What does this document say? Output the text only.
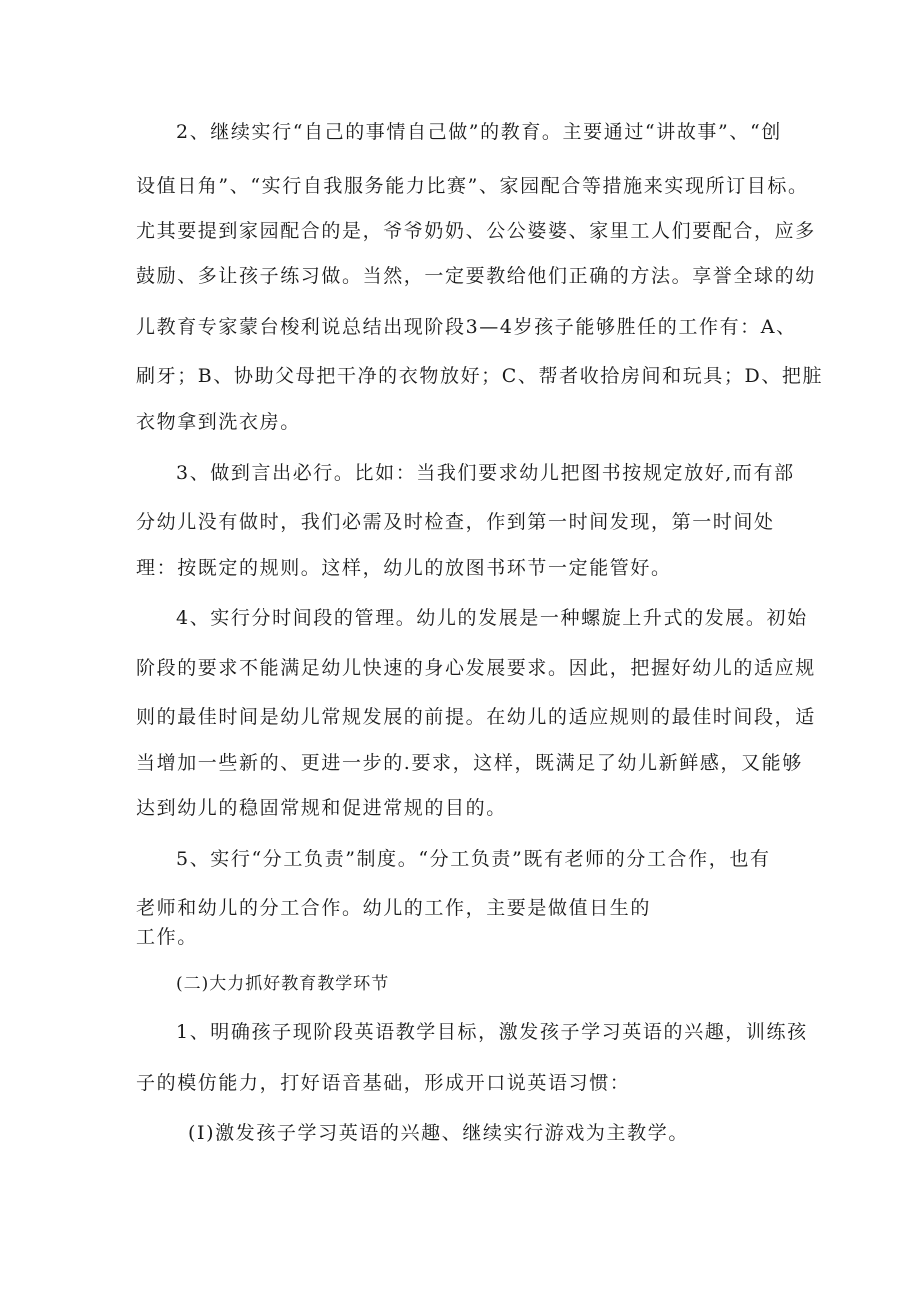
2、继续实行“自己的事情自己做”的教育。主要通过“讲故事”、“创
设值日角”、“实行自我服务能力比赛”、家园配合等措施来实现所订目标。
尤其要提到家园配合的是，爷爷奶奶、公公婆婆、家里工人们要配合，应多
鼓励、多让孩子练习做。当然，一定要教给他们正确的方法。享誉全球的幼
儿教育专家蒙台梭利说总结出现阶段3—4岁孩子能够胜任的工作有：A、
刷牙；B、协助父母把干净的衣物放好；C、帮者收拾房间和玩具；D、把脏
衣物拿到洗衣房。
3、做到言出必行。比如：当我们要求幼儿把图书按规定放好,而有部
分幼儿没有做时，我们必需及时检查，作到第一时间发现，第一时间处
理：按既定的规则。这样，幼儿的放图书环节一定能管好。
4、实行分时间段的管理。幼儿的发展是一种螺旋上升式的发展。初始
阶段的要求不能满足幼儿快速的身心发展要求。因此，把握好幼儿的适应规
则的最佳时间是幼儿常规发展的前提。在幼儿的适应规则的最佳时间段，适
当增加一些新的、更进一步的.要求，这样，既满足了幼儿新鲜感，又能够
达到幼儿的稳固常规和促进常规的目的。
5、实行“分工负责”制度。“分工负责”既有老师的分工合作，也有
老师和幼儿的分工合作。幼儿的工作，主要是做值日生的
工作。
(二)大力抓好教育教学环节
1、明确孩子现阶段英语教学目标，激发孩子学习英语的兴趣，训练孩
子的模仿能力，打好语音基础，形成开口说英语习惯：
(I)激发孩子学习英语的兴趣、继续实行游戏为主教学。
